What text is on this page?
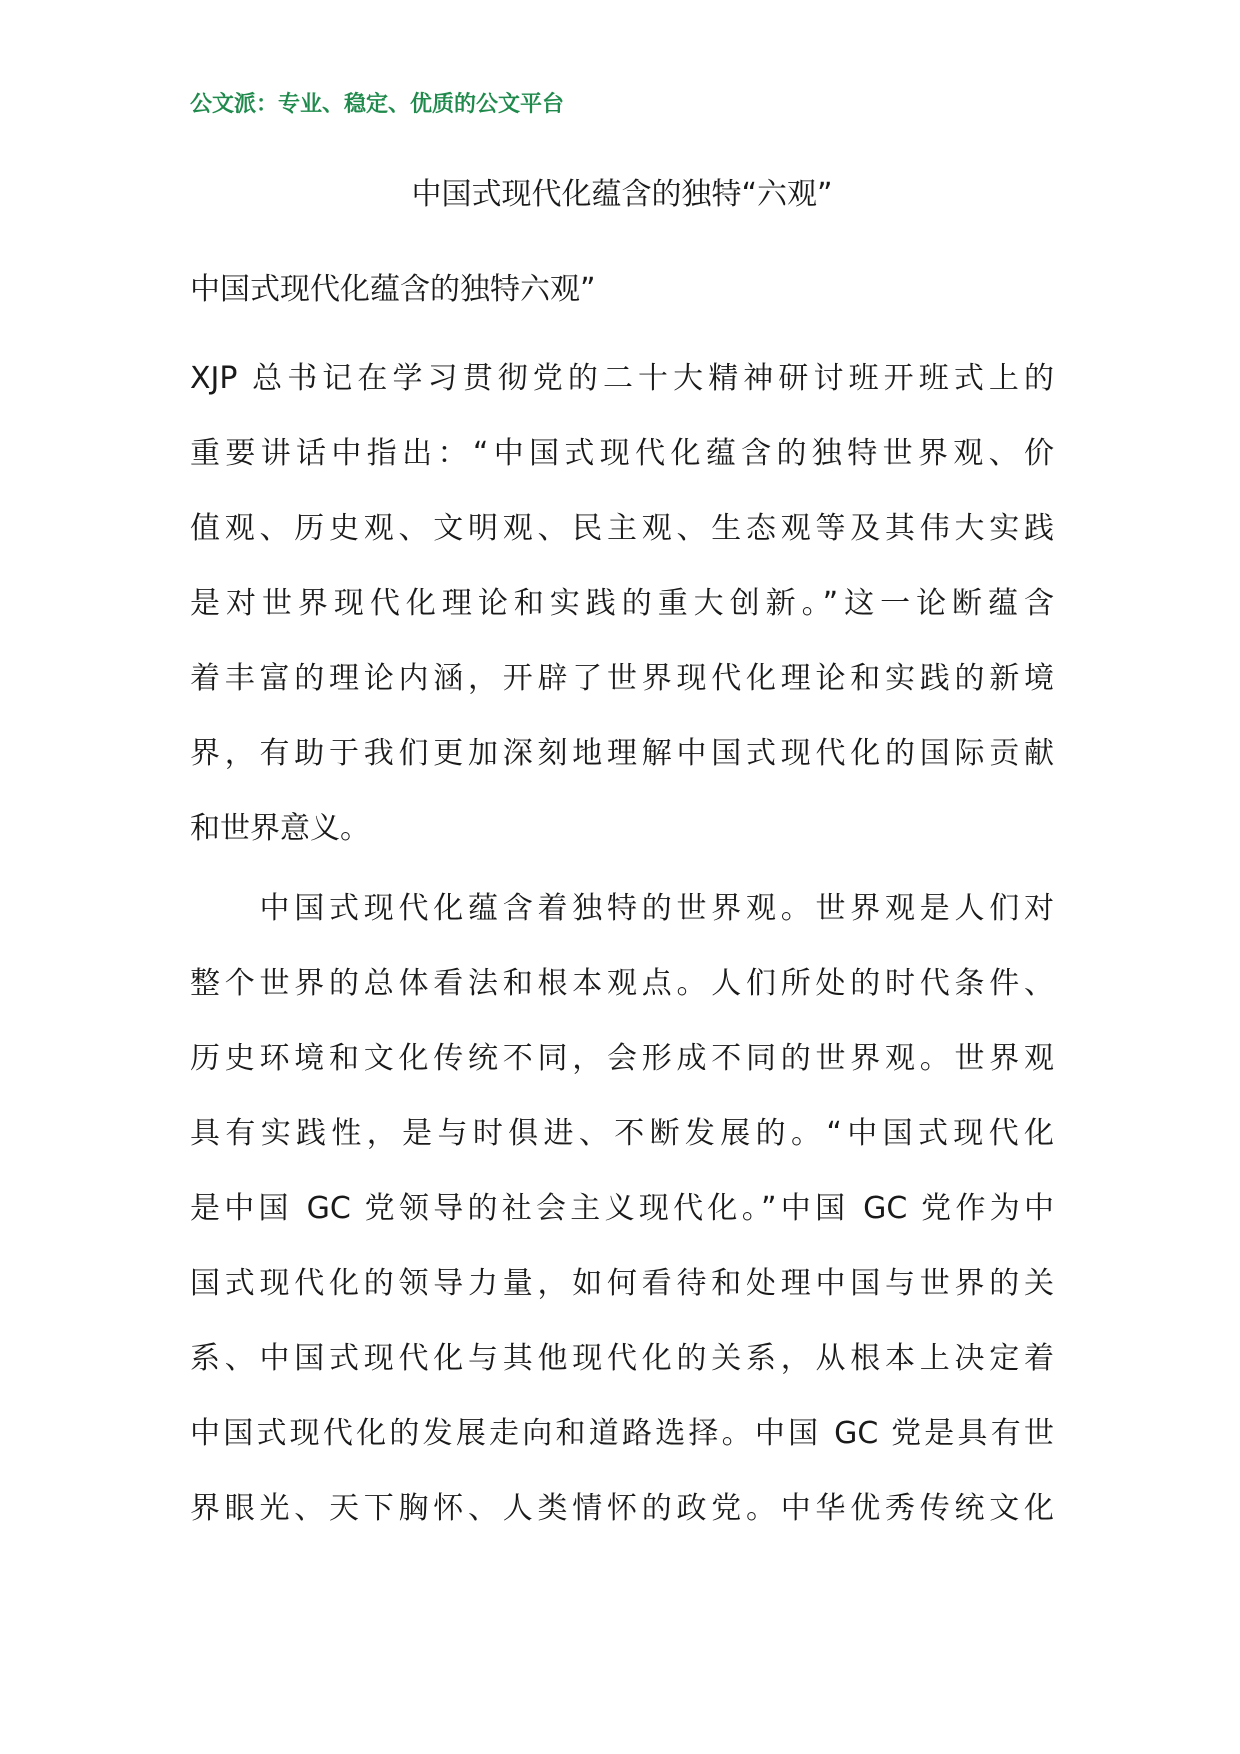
公文派：专业、稳定、优质的公文平台
中国式现代化蕴含的独特“六观”
中国式现代化蕴含的独特六观”
XJP 总书记在学习贯彻党的二十大精神研讨班开班式上的
重要讲话中指出：“中国式现代化蕴含的独特世界观、价
值观、历史观、文明观、民主观、生态观等及其伟大实践
是对世界现代化理论和实践的重大创新。”这一论断蕴含
着丰富的理论内涵，开辟了世界现代化理论和实践的新境
界，有助于我们更加深刻地理解中国式现代化的国际贡献
和世界意义。
　　中国式现代化蕴含着独特的世界观。世界观是人们对
整个世界的总体看法和根本观点。人们所处的时代条件、
历史环境和文化传统不同，会形成不同的世界观。世界观
具有实践性，是与时俱进、不断发展的。“中国式现代化
是中国 GC 党领导的社会主义现代化。”中国 GC 党作为中
国式现代化的领导力量，如何看待和处理中国与世界的关
系、中国式现代化与其他现代化的关系，从根本上决定着
中国式现代化的发展走向和道路选择。中国 GC 党是具有世
界眼光、天下胸怀、人类情怀的政党。中华优秀传统文化
